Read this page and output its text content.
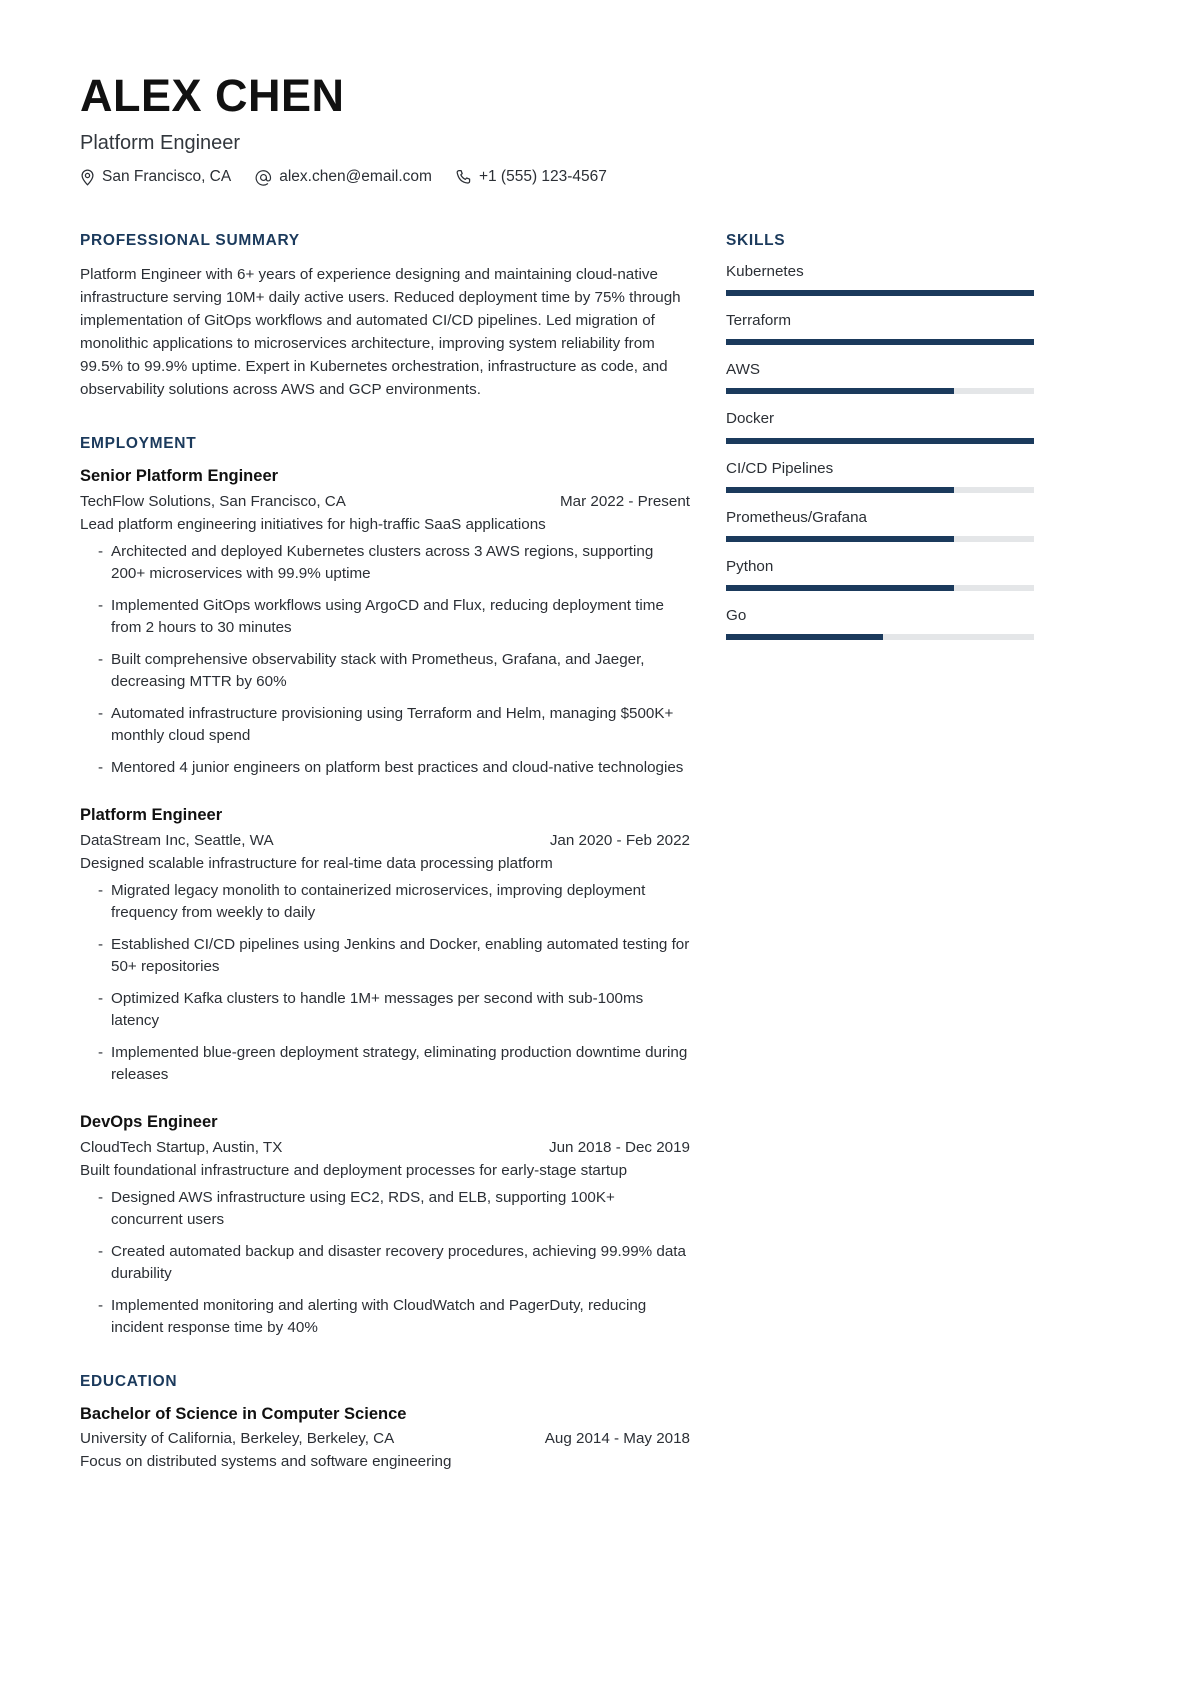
ALEX CHEN
Platform Engineer
San Francisco, CA	alex.chen@email.com	+1 (555) 123-4567
PROFESSIONAL SUMMARY

Platform Engineer with 6+ years of experience designing and maintaining cloud-native infrastructure serving 10M+ daily active users. Reduced deployment time by 75% through implementation of GitOps workflows and automated CI/CD pipelines. Led migration of monolithic applications to microservices architecture, improving system reliability from 99.5% to 99.9% uptime. Expert in Kubernetes orchestration, infrastructure as code, and observability solutions across AWS and GCP environments.

EMPLOYMENT
Senior Platform Engineer
TechFlow Solutions, San Francisco, CA	Mar 2022 - Present

Lead platform engineering initiatives for high-traffic SaaS applications

- Architected and deployed Kubernetes clusters across 3 AWS regions, supporting 200+ microservices with 99.9% uptime
- Implemented GitOps workflows using ArgoCD and Flux, reducing deployment time from 2 hours to 30 minutes
- Built comprehensive observability stack with Prometheus, Grafana, and Jaeger, decreasing MTTR by 60%
- Automated infrastructure provisioning using Terraform and Helm, managing $500K+ monthly cloud spend
- Mentored 4 junior engineers on platform best practices and cloud-native technologies
Platform Engineer
DataStream Inc, Seattle, WA	Jan 2020 - Feb 2022

Designed scalable infrastructure for real-time data processing platform

- Migrated legacy monolith to containerized microservices, improving deployment frequency from weekly to daily
- Established CI/CD pipelines using Jenkins and Docker, enabling automated testing for 50+ repositories
- Optimized Kafka clusters to handle 1M+ messages per second with sub-100ms latency
- Implemented blue-green deployment strategy, eliminating production downtime during releases
DevOps Engineer
CloudTech Startup, Austin, TX	Jun 2018 - Dec 2019

Built foundational infrastructure and deployment processes for early-stage startup

- Designed AWS infrastructure using EC2, RDS, and ELB, supporting 100K+ concurrent users
- Created automated backup and disaster recovery procedures, achieving 99.99% data durability
- Implemented monitoring and alerting with CloudWatch and PagerDuty, reducing incident response time by 40%
EDUCATION
Bachelor of Science in Computer Science
University of California, Berkeley, Berkeley, CA	Aug 2014 - May 2018

Focus on distributed systems and software engineering

SKILLS
Kubernetes
Terraform
AWS
Docker
CI/CD Pipelines
Prometheus/Grafana
Python
Go
